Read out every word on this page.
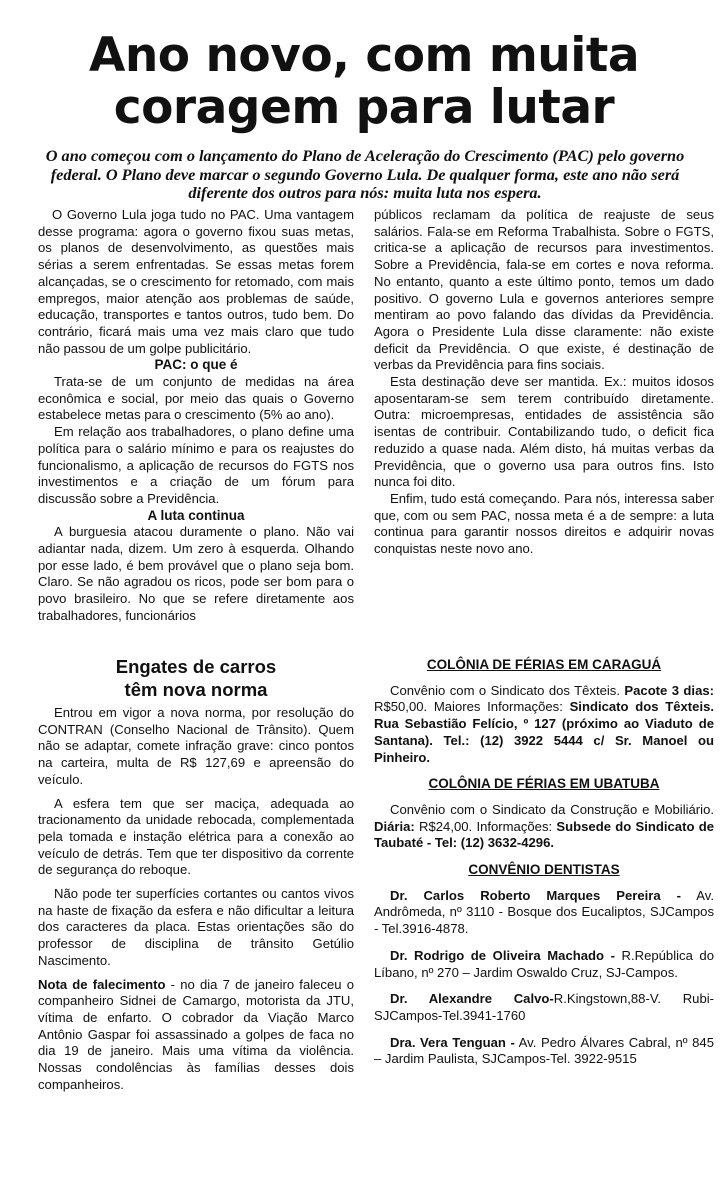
Ano novo, com muita coragem para lutar

O ano começou com o lançamento do Plano de Aceleração do Crescimento (PAC) pelo governo federal. O Plano deve marcar o segundo Governo Lula. De qualquer forma, este ano não será diferente dos outros para nós: muita luta nos espera.

O Governo Lula joga tudo no PAC. Uma vantagem desse programa: agora o governo fixou suas metas, os planos de desenvolvimento, as questões mais sérias a serem enfrentadas. Se essas metas forem alcançadas, se o crescimento for retomado, com mais empregos, maior atenção aos problemas de saúde, educação, transportes e tantos outros, tudo bem. Do contrário, ficará mais uma vez mais claro que tudo não passou de um golpe publicitário.

PAC: o que é

Trata-se de um conjunto de medidas na área econômica e social, por meio das quais o Governo estabelece metas para o crescimento (5% ao ano).

Em relação aos trabalhadores, o plano define uma política para o salário mínimo e para os reajustes do funcionalismo, a aplicação de recursos do FGTS nos investimentos e a criação de um fórum para discussão sobre a Previdência.

A luta continua

A burguesia atacou duramente o plano. Não vai adiantar nada, dizem. Um zero à esquerda. Olhando por esse lado, é bem provável que o plano seja bom. Claro. Se não agradou os ricos, pode ser bom para o povo brasileiro. No que se refere diretamente aos trabalhadores, funcionários

públicos reclamam da política de reajuste de seus salários. Fala-se em Reforma Trabalhista. Sobre o FGTS, critica-se a aplicação de recursos para investimentos. Sobre a Previdência, fala-se em cortes e nova reforma. No entanto, quanto a este último ponto, temos um dado positivo. O governo Lula e governos anteriores sempre mentiram ao povo falando das dívidas da Previdência. Agora o Presidente Lula disse claramente: não existe deficit da Previdência. O que existe, é destinação de verbas da Previdência para fins sociais.

Esta destinação deve ser mantida. Ex.: muitos idosos aposentaram-se sem terem contribuído diretamente. Outra: microempresas, entidades de assistência são isentas de contribuir. Contabilizando tudo, o deficit fica reduzido a quase nada. Além disto, há muitas verbas da Previdência, que o governo usa para outros fins. Isto nunca foi dito.

Enfim, tudo está começando. Para nós, interessa saber que, com ou sem PAC, nossa meta é a de sempre: a luta continua para garantir nossos direitos e adquirir novas conquistas neste novo ano.

Engates de carros
têm nova norma

Entrou em vigor a nova norma, por resolução do CONTRAN (Conselho Nacional de Trânsito). Quem não se adaptar, comete infração grave: cinco pontos na carteira, multa de R$ 127,69 e apreensão do veículo.

A esfera tem que ser maciça, adequada ao tracionamento da unidade rebocada, complementada pela tomada e instação elétrica para a conexão ao veículo de detrás. Tem que ter dispositivo da corrente de segurança do reboque.

Não pode ter superfícies cortantes ou cantos vivos na haste de fixação da esfera e não dificultar a leitura dos caracteres da placa. Estas orientações são do professor de disciplina de trânsito Getúlio Nascimento.

Nota de falecimento - no dia 7 de janeiro faleceu o companheiro Sidnei de Camargo, motorista da JTU, vítima de enfarto. O cobrador da Viação Marco Antônio Gaspar foi assassinado a golpes de faca no dia 19 de janeiro. Mais uma vítima da violência. Nossas condolências às famílias desses dois companheiros.

COLÔNIA DE FÉRIAS EM CARAGUÁ

Convênio com o Sindicato dos Têxteis. Pacote 3 dias: R$50,00. Maiores Informações: Sindicato dos Têxteis. Rua Sebastião Felício, º 127 (próximo ao Viaduto de Santana). Tel.: (12) 3922 5444 c/ Sr. Manoel ou Pinheiro.

COLÔNIA DE FÉRIAS EM UBATUBA

Convênio com o Sindicato da Construção e Mobiliário. Diária: R$24,00. Informações: Subsede do Sindicato de Taubaté - Tel: (12) 3632-4296.

CONVÊNIO DENTISTAS

Dr. Carlos Roberto Marques Pereira - Av. Andrômeda, nº 3110 - Bosque dos Eucaliptos, SJCampos - Tel.3916-4878.

Dr. Rodrigo de Oliveira Machado - R.República do Líbano, nº 270 – Jardim Oswaldo Cruz, SJ-Campos.

Dr. Alexandre Calvo-R.Kingstown,88-V. Rubi-SJCampos-Tel.3941-1760

Dra. Vera Tenguan - Av. Pedro Álvares Cabral, nº 845 – Jardim Paulista, SJCampos-Tel. 3922-9515
